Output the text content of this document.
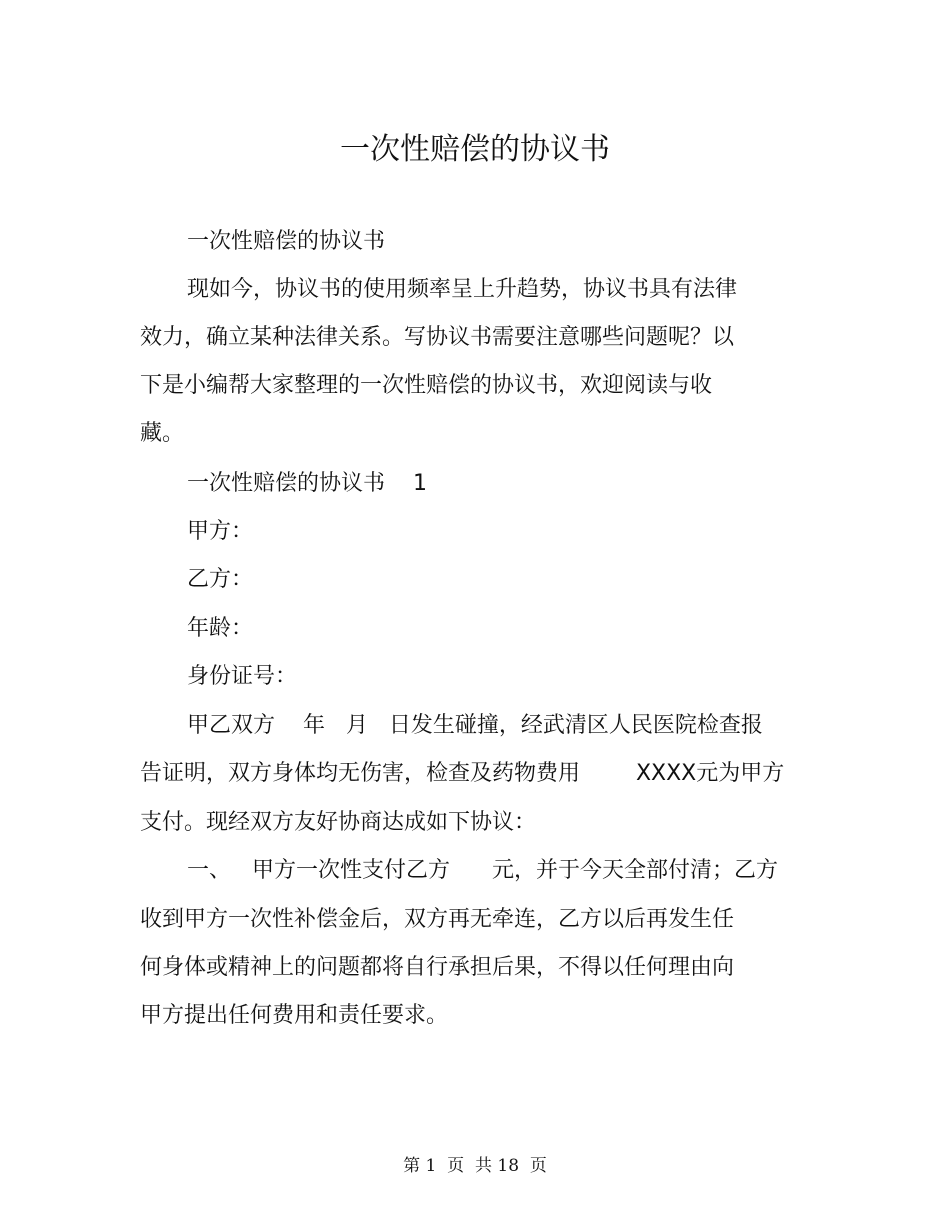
一次性赔偿的协议书
一次性赔偿的协议书
现如今，协议书的使用频率呈上升趋势，协议书具有法律
效力，确立某种法律关系。写协议书需要注意哪些问题呢？以
下是小编帮大家整理的一次性赔偿的协议书，欢迎阅读与收
藏。
一次性赔偿的协议书    1
甲方：
乙方：
年龄：
身份证号：
甲乙双方    年   月   日发生碰撞，经武清区人民医院检查报
告证明，双方身体均无伤害，检查及药物费用        XXXX元为甲方
支付。现经双方友好协商达成如下协议：
一、   甲方一次性支付乙方      元，并于今天全部付清；乙方
收到甲方一次性补偿金后，双方再无牵连，乙方以后再发生任
何身体或精神上的问题都将自行承担后果，不得以任何理由向
甲方提出任何费用和责任要求。
第 1  页  共 18  页
